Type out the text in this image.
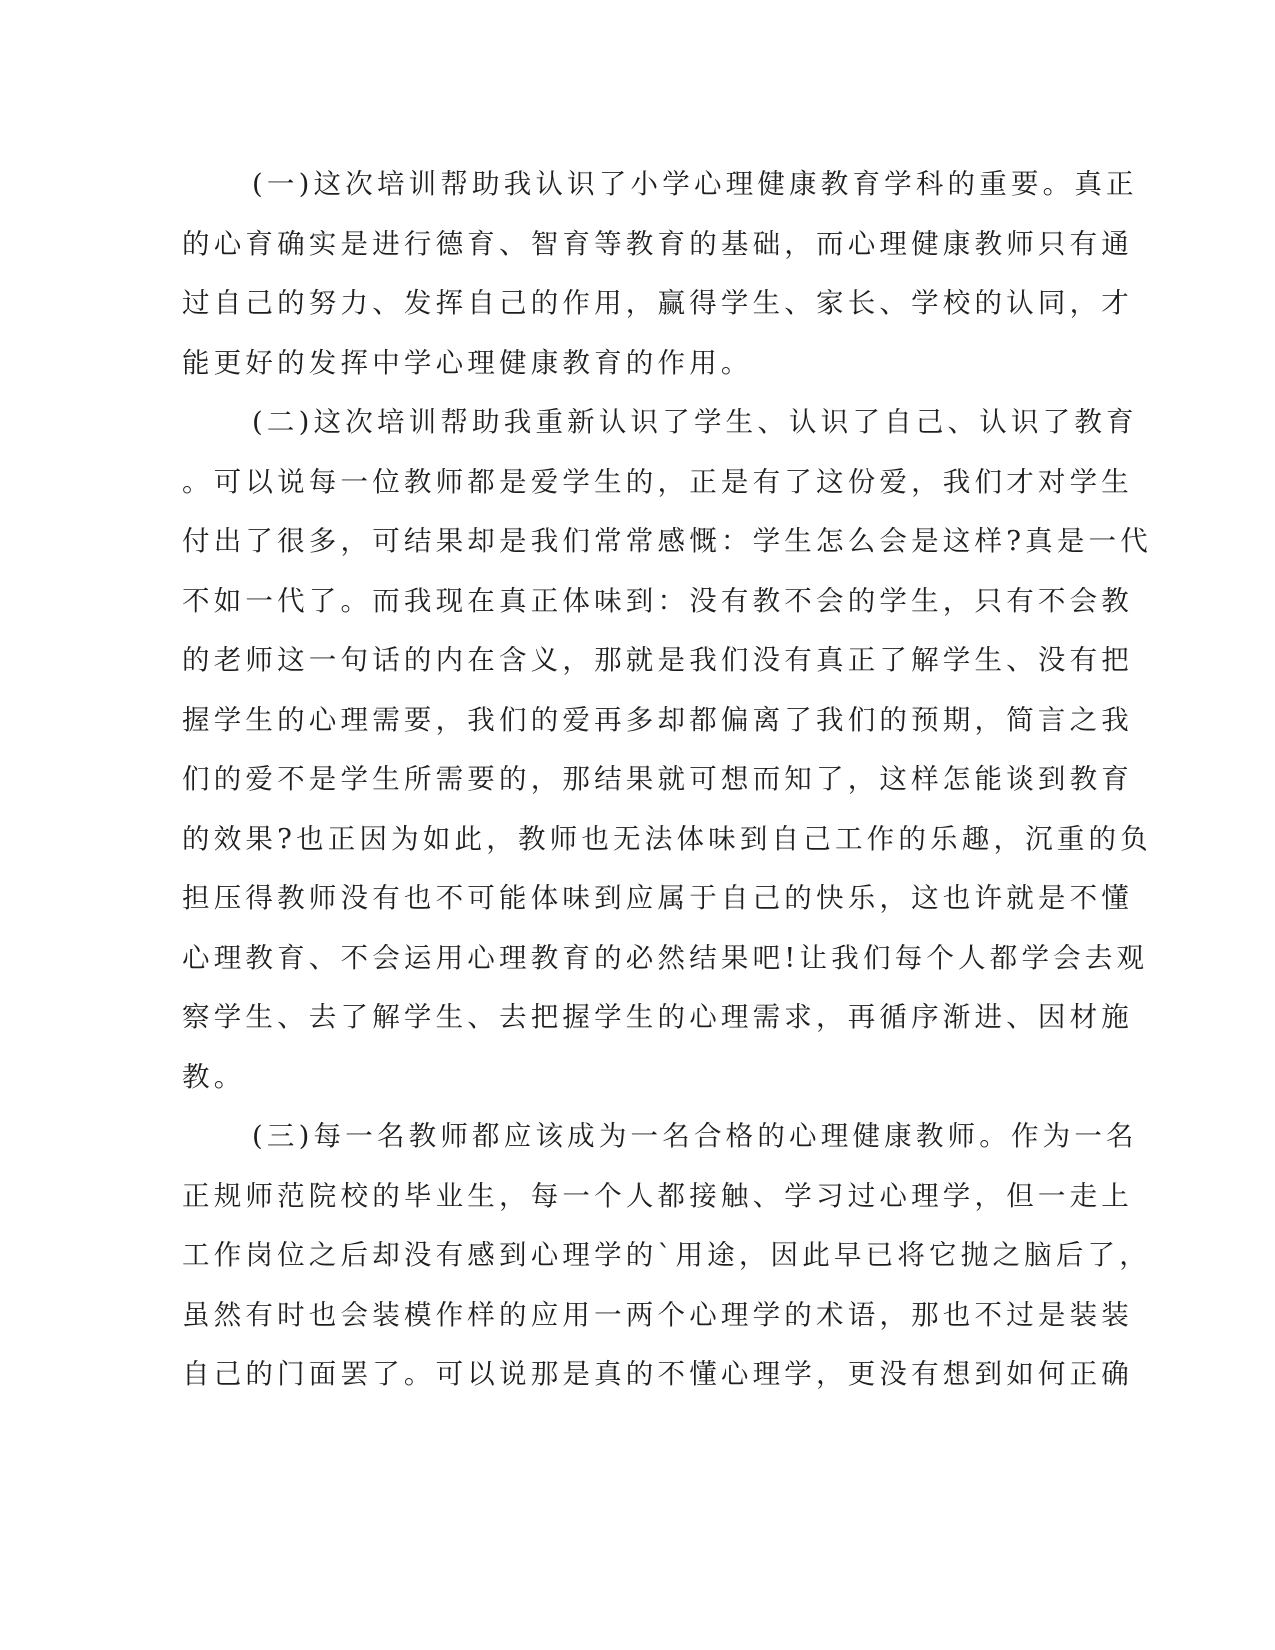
(一)这次培训帮助我认识了小学心理健康教育学科的重要。真正
的心育确实是进行德育、智育等教育的基础，而心理健康教师只有通
过自己的努力、发挥自己的作用，赢得学生、家长、学校的认同，才
能更好的发挥中学心理健康教育的作用。
(二)这次培训帮助我重新认识了学生、认识了自己、认识了教育
。可以说每一位教师都是爱学生的，正是有了这份爱，我们才对学生
付出了很多，可结果却是我们常常感慨：学生怎么会是这样?真是一代
不如一代了。而我现在真正体味到：没有教不会的学生，只有不会教
的老师这一句话的内在含义，那就是我们没有真正了解学生、没有把
握学生的心理需要，我们的爱再多却都偏离了我们的预期，简言之我
们的爱不是学生所需要的，那结果就可想而知了，这样怎能谈到教育
的效果?也正因为如此，教师也无法体味到自己工作的乐趣，沉重的负
担压得教师没有也不可能体味到应属于自己的快乐，这也许就是不懂
心理教育、不会运用心理教育的必然结果吧!让我们每个人都学会去观
察学生、去了解学生、去把握学生的心理需求，再循序渐进、因材施
教。
(三)每一名教师都应该成为一名合格的心理健康教师。作为一名
正规师范院校的毕业生，每一个人都接触、学习过心理学，但一走上
工作岗位之后却没有感到心理学的`用途，因此早已将它抛之脑后了，
虽然有时也会装模作样的应用一两个心理学的术语，那也不过是装装
自己的门面罢了。可以说那是真的不懂心理学，更没有想到如何正确
